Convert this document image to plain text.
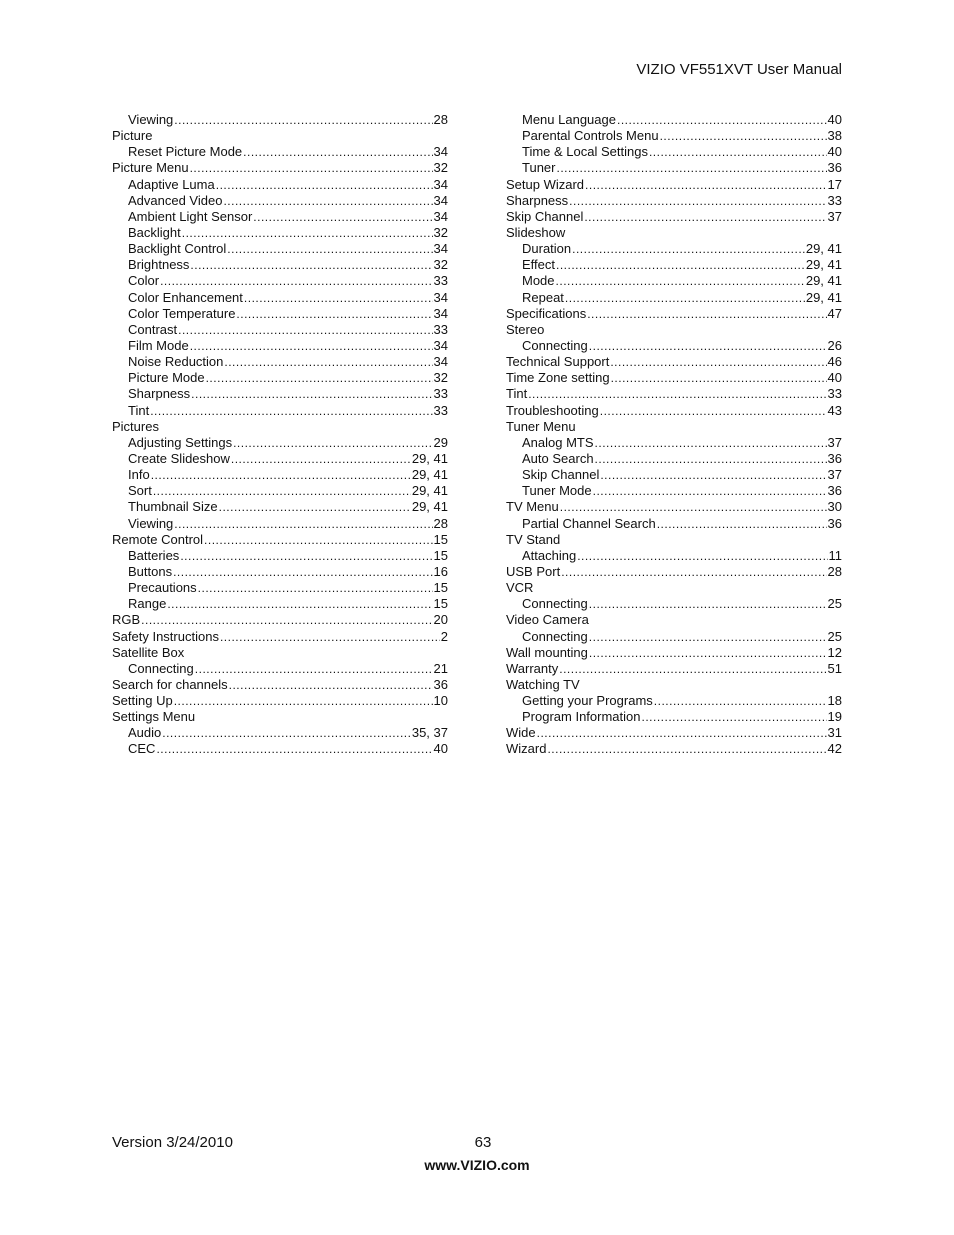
VIZIO VF551XVT User Manual
Viewing .....	28
Picture
Reset Picture Mode .....	34
Picture Menu .....	32
Adaptive Luma .....	34
Advanced Video .....	34
Ambient Light Sensor .....	34
Backlight .....	32
Backlight Control .....	34
Brightness .....	32
Color .....	33
Color Enhancement .....	34
Color Temperature .....	34
Contrast .....	33
Film Mode .....	34
Noise Reduction .....	34
Picture Mode .....	32
Sharpness .....	33
Tint .....	33
Pictures
Adjusting Settings .....	29
Create Slideshow .....	29, 41
Info .....	29, 41
Sort .....	29, 41
Thumbnail Size .....	29, 41
Viewing .....	28
Remote Control .....	15
Batteries .....	15
Buttons .....	16
Precautions .....	15
Range .....	15
RGB .....	20
Safety Instructions .....	2
Satellite Box
Connecting .....	21
Search for channels .....	36
Setting Up .....	10
Settings Menu
Audio .....	35, 37
CEC .....	40
Menu Language .....	40
Parental Controls Menu .....	38
Time & Local Settings .....	40
Tuner .....	36
Setup Wizard .....	17
Sharpness .....	33
Skip Channel .....	37
Slideshow
Duration .....	29, 41
Effect .....	29, 41
Mode .....	29, 41
Repeat .....	29, 41
Specifications .....	47
Stereo
Connecting .....	26
Technical Support .....	46
Time Zone setting .....	40
Tint .....	33
Troubleshooting .....	43
Tuner Menu
Analog MTS .....	37
Auto Search .....	36
Skip Channel .....	37
Tuner Mode .....	36
TV Menu .....	30
Partial Channel Search .....	36
TV Stand
Attaching .....	11
USB Port .....	28
VCR
Connecting .....	25
Video Camera
Connecting .....	25
Wall mounting .....	12
Warranty .....	51
Watching TV
Getting your Programs .....	18
Program Information .....	19
Wide .....	31
Wizard .....	42
Version 3/24/2010	63
www.VIZIO.com
